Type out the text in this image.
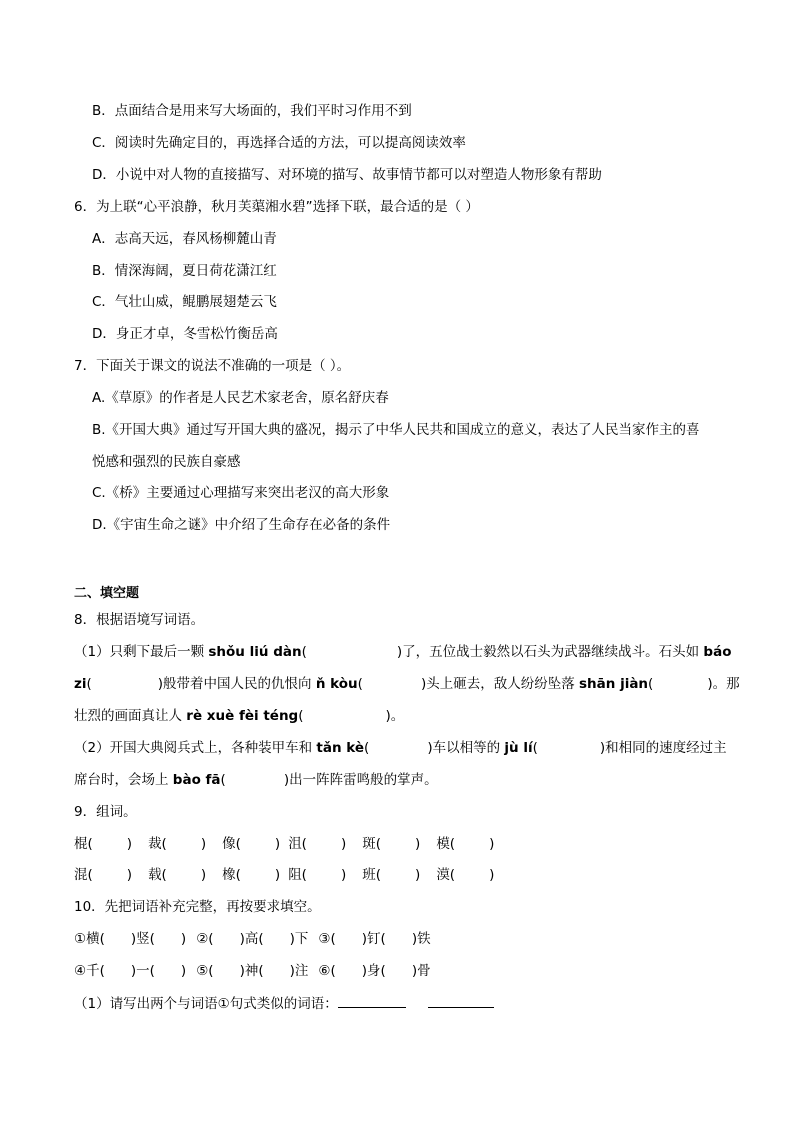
B．点面结合是用来写大场面的，我们平时习作用不到
C．阅读时先确定目的，再选择合适的方法，可以提高阅读效率
D．小说中对人物的直接描写、对环境的描写、故事情节都可以对塑造人物形象有帮助
6．为上联“心平浪静，秋月芙蕖湘水碧”选择下联，最合适的是（ ）
A．志高天远，春风杨柳麓山青
B．情深海阔，夏日荷花潇江红
C．气壮山威，鲲鹏展翅楚云飞
D．身正才卓，冬雪松竹衡岳高
7．下面关于课文的说法不准确的一项是（ ）。
A.《草原》的作者是人民艺术家老舍，原名舒庆春
B.《开国大典》通过写开国大典的盛况，揭示了中华人民共和国成立的意义，表达了人民当家作主的喜
悦感和强烈的民族自豪感
C.《桥》主要通过心理描写来突出老汉的高大形象
D.《宇宙生命之谜》中介绍了生命存在必备的条件
二、填空题
8．根据语境写词语。
（1）只剩下最后一颗 shǒu liú dàn(	)了，五位战士毅然以石头为武器继续战斗。石头如 báo
zi(	)般带着中国人民的仇恨向 ň kòu(	)头上砸去，敌人纷纷坠落 shān jiàn(	)。那
壮烈的画面真让人 rè xuè fèi téng(	)。
（2）开国大典阅兵式上，各种装甲车和 tǎn kè(	)车以相等的 jù lí(	)和相同的速度经过主
席台时，会场上 bào fā(	)出一阵阵雷鸣般的掌声。
9．组词。
棍(	) 裁(	) 像(	) 沮(	) 斑(	) 模(	)
混(	) 载(	) 橡(	) 阻(	) 班(	) 漠(	)
10．先把词语补充完整，再按要求填空。
①横( )竖( ) ②( )高( )下 ③( )钉( )铁
④千( )一( ) ⑤( )神( )注 ⑥( )身( )骨
（1）请写出两个与词语①句式类似的词语：
